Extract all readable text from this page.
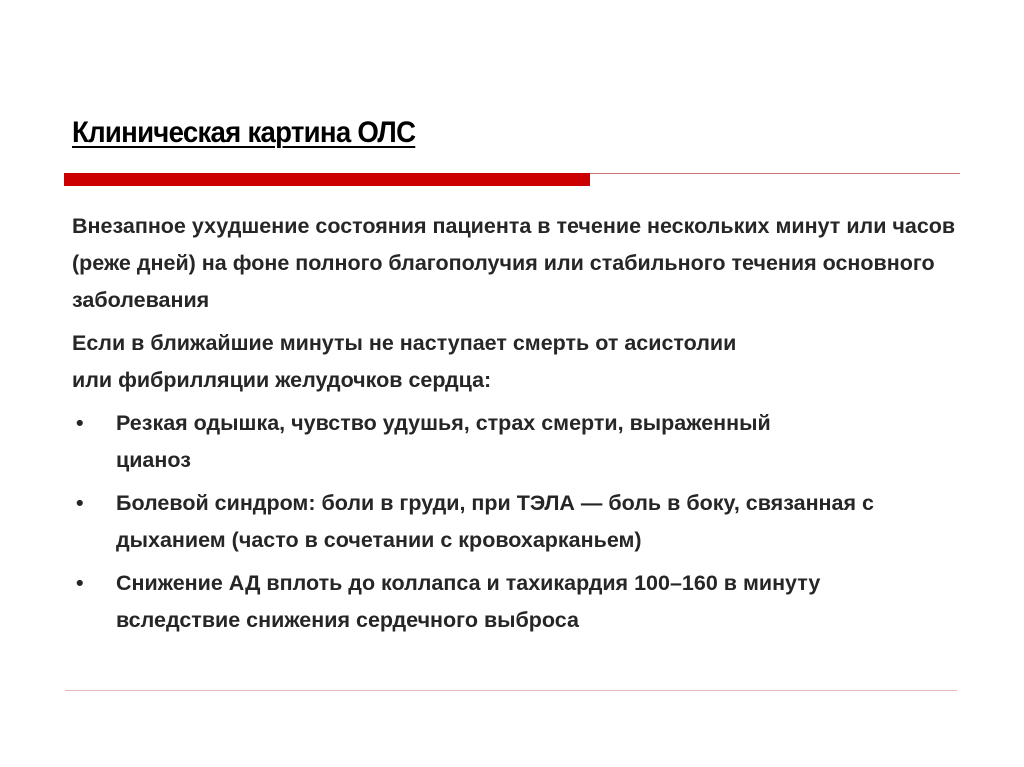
Клиническая картина ОЛС

Внезапное ухудшение состояния пациента в течение нескольких минут или часов (реже дней) на фоне полного благополучия или стабильного течения основного заболевания

Если в ближайшие минуты не наступает смерть от асистолии или фибрилляции желудочков сердца:

• Резкая одышка, чувство удушья, страх смерти, выраженный цианоз
• Болевой синдром: боли в груди, при ТЭЛА — боль в боку, связанная с дыханием (часто в сочетании с кровохарканьем)
• Снижение АД вплоть до коллапса и тахикардия 100–160 в минуту вследствие снижения сердечного выброса
